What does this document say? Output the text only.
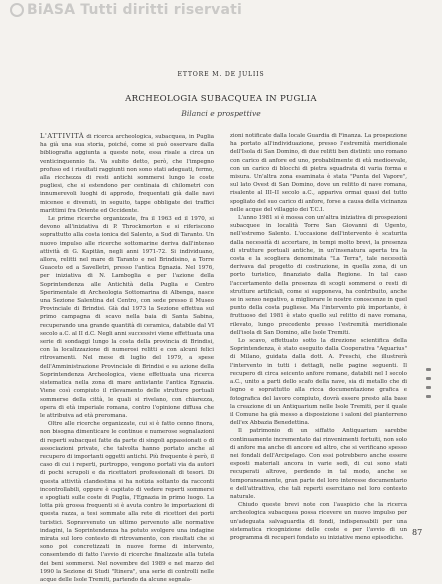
BiASA Tutti diritti riservati
ETTORE M. DE JULIIS
ARCHEOLOGIA SUBACQUEA IN PUGLIA
Bilanci e prospettive

L'ATTIVITÀ di ricerca archeologica, subacquea, in Puglia ha già una sua storia, poiché, come si può osservare dalla bibliografia aggiunta a queste note, essa risale a circa un venticinquennio fa. Va subito detto, però, che l'impegno profuso ed i risultati raggiunti non sono stati adeguati, fermo, alla ricchezza di resti antichi sommersi lungo le coste pugliesi, che si estendono per centinaia di chilometri con innumerevoli luoghi di approdo, frequentati già dalle navi micenee e divenuti, in seguito, tappe obbligate dei traffici marittimi fra Oriente ed Occidente.

Le prime ricerche organizzate, fra il 1963 ed il 1970, si devono all'iniziativa di P. Throckmorton e si riferiscono soprattutto alla costa ionica del Salento, a Sud di Taranto. Un nuovo impulso alle ricerche sottomarine deriva dall'intenso attività di G. Kapitän, negli anni 1971-72. Si individuano, allora, relitti nel mare di Taranto e nel Brindisino, a Torre Guaceto ed a Savelletri, presso l'antica Egnazia. Nel 1976, per iniziativa di N. Lamboglia e per l'azione della Soprintendenza alle Antichità della Puglia e Centro Sperimentale di Archeologia Sottomarina di Albenga, nasce una Sezione Salentina del Centro, con sede presso il Museo Provinciale di Brindisi. Già dal 1973 la Sezione effettua sul primo campagna di scavo nella baia di Santa Sabina, recuperando una grande quantità di ceramica, databile dal VI secolo a.C. al II d.C. Negli anni successivi viene effettuata una serie di sondaggi lungo la costa della provincia di Brindisi, con la localizzazione di numerosi relitti e con alcuni felici ritrovamenti. Nel mese di luglio del 1979, a spese dell'Amministrazione Provinciale di Brindisi e su azione della Soprintendenza Archeologica, viene effettuata una ricerca sistematica nella zona di mare antistante l'antica Egnazia. Viene così compiuto il rilevamento delle strutture portuali sommerse della città, le quali si rivelano, con chiarezza, opera di età imperiale romana, contro l'opinione diffusa che le attribuiva ad età preromana.

Oltre alle ricerche organizzate, cui si è fatto cenno finora, non bisogna dimenticare le continue e numerose segnalazioni di reperti subacquei fatte da parte di singoli appassionati o di associazioni private, che talvolta hanno portato anche al recupero di importanti oggetti antichi. Più frequente è però, il caso di cui i reperti, purtroppo, vengono portati via da autori di pochi scrupoli e da ricettatori professionali di tesori. Di questa attività clandestina si ha notizia soltanto da racconti incontrollabili, oppure è capitato di vedere reperti sommersi e spogliati sulle coste di Puglia, l'Egnazia in primo luogo. La lotta più grossa frequenti si è avuta contro le importazioni di questa razza, a tesi sommate alla rete di ricettori dei porti turistici. Sopravvenuto un ultimo pervenuto alle normative indagini, la Soprintendenza ha potuto svolgere una indagine mirata sul loro contesto di ritrovamento, con risultati che si sono poi concretizzati in nuove forme di intervento, consentendo di fatto l'avvio di ricerche finalizzate alla tutela dei beni sommersi. Nel novembre del 1989 e nel marzo del 1990 la Sezione di Studi "Itinera", una serie di controlli nelle acque delle Isole Tremiti, partendo da alcune segnala-

zioni notificate dalla locale Guardia di Finanza. La prospezione ha portato all'individuazione, presso l'estremità meridionale dell'Isola di San Domino, di due relitti ben distinti: uno romano con carico di anfore ed uno, probabilmente di età medioevale, con un carico di blocchi di pietra squadrata di varia forma e misura. Un'altra zona esaminata è stata "Punta del Vapore", sul lato Ovest di San Domino, dove un relitto di nave romana, risalente al III–II secolo a.C., appariva ormai quasi del tutto spogliato del suo carico di anfore, forse a causa della vicinanza nelle acque del villaggio dei T.C.I.

L'anno 1981 si è mossa con un'altra iniziativa di prospezioni subacquee in località Torre San Giovanni di Ugento, nell'estremo Salento. L'occasione dell'intervento è scaturita dalla necessità di accertare, in tempi molto brevi, la presenza di strutture portuali antiche, in un'insenatura aperta tra la costa e la scogliera denominata "La Terra", tale necessità derivava dal progetto di costruzione, in quella zona, di un porto turistico, finanziato dalla Regione. In tal caso l'accertamento della presenza di scogli sommersi o resti di strutture artificiali, come si supponeva, ha contribuito, anche se in senso negativo, a migliorare le nostre conoscenze in quel punto della costa pugliese. Ma l'intervento più importante, è fruttuoso del 1981 è stato quello sul relitto di nave romana, rilevato, lungo precedente presso l'estremità meridionale dell'isola di San Domino, alle Isole Tremiti.

Lo scavo, effettuato sotto la direzione scientifica della Soprintendenza, è stato eseguito dalla Cooperativa "Aquarius" di Milano, guidata dalla dott. A. Freschi, che illustrerà l'intervento in tutti i dettagli, nelle pagine seguenti. Il recupero di circa seicento anfore romane, databili nel I secolo a.C., unito a parti dello scafo della nave, sia di metallo che di legno e soprattutto alla ricca documentazione grafica e fotografica del lavoro compiuto, dovrà essere presto alla base la creazione di un Antiquarium nelle Isole Tremiti, per il quale il Comune ha già messo a disposizione i saloni del pianterreno dell'ex Abbazia Benedettina.

Il patrimonio di un siffatto Antiquarium sarebbe continuamente incrementato dai rinvenimenti fortuiti, non solo di anfore ma anche di ancore ed altro, che si verificano spesso nei fondali dell'Arcipelago. Con essi potrebbero anche essere esposti materiali ancora in varie sedi, di cui sono stati recuperati altrove, perdendo in tal modo, anche se temporaneamente, gran parte del loro interesse documentario e dell'attrattiva, che tali reperti esercitano nel loro contesto naturale.

Chiudo queste brevi note con l'auspicio che la ricerca archeologica subacquea possa ricevere un nuovo impulso per un'adeguata salvaguardia di fondi, indispensabili per una sistematica ricognizione delle coste e per l'avvio di un programma di recuperi fondato su iniziative meno episodiche.

87
